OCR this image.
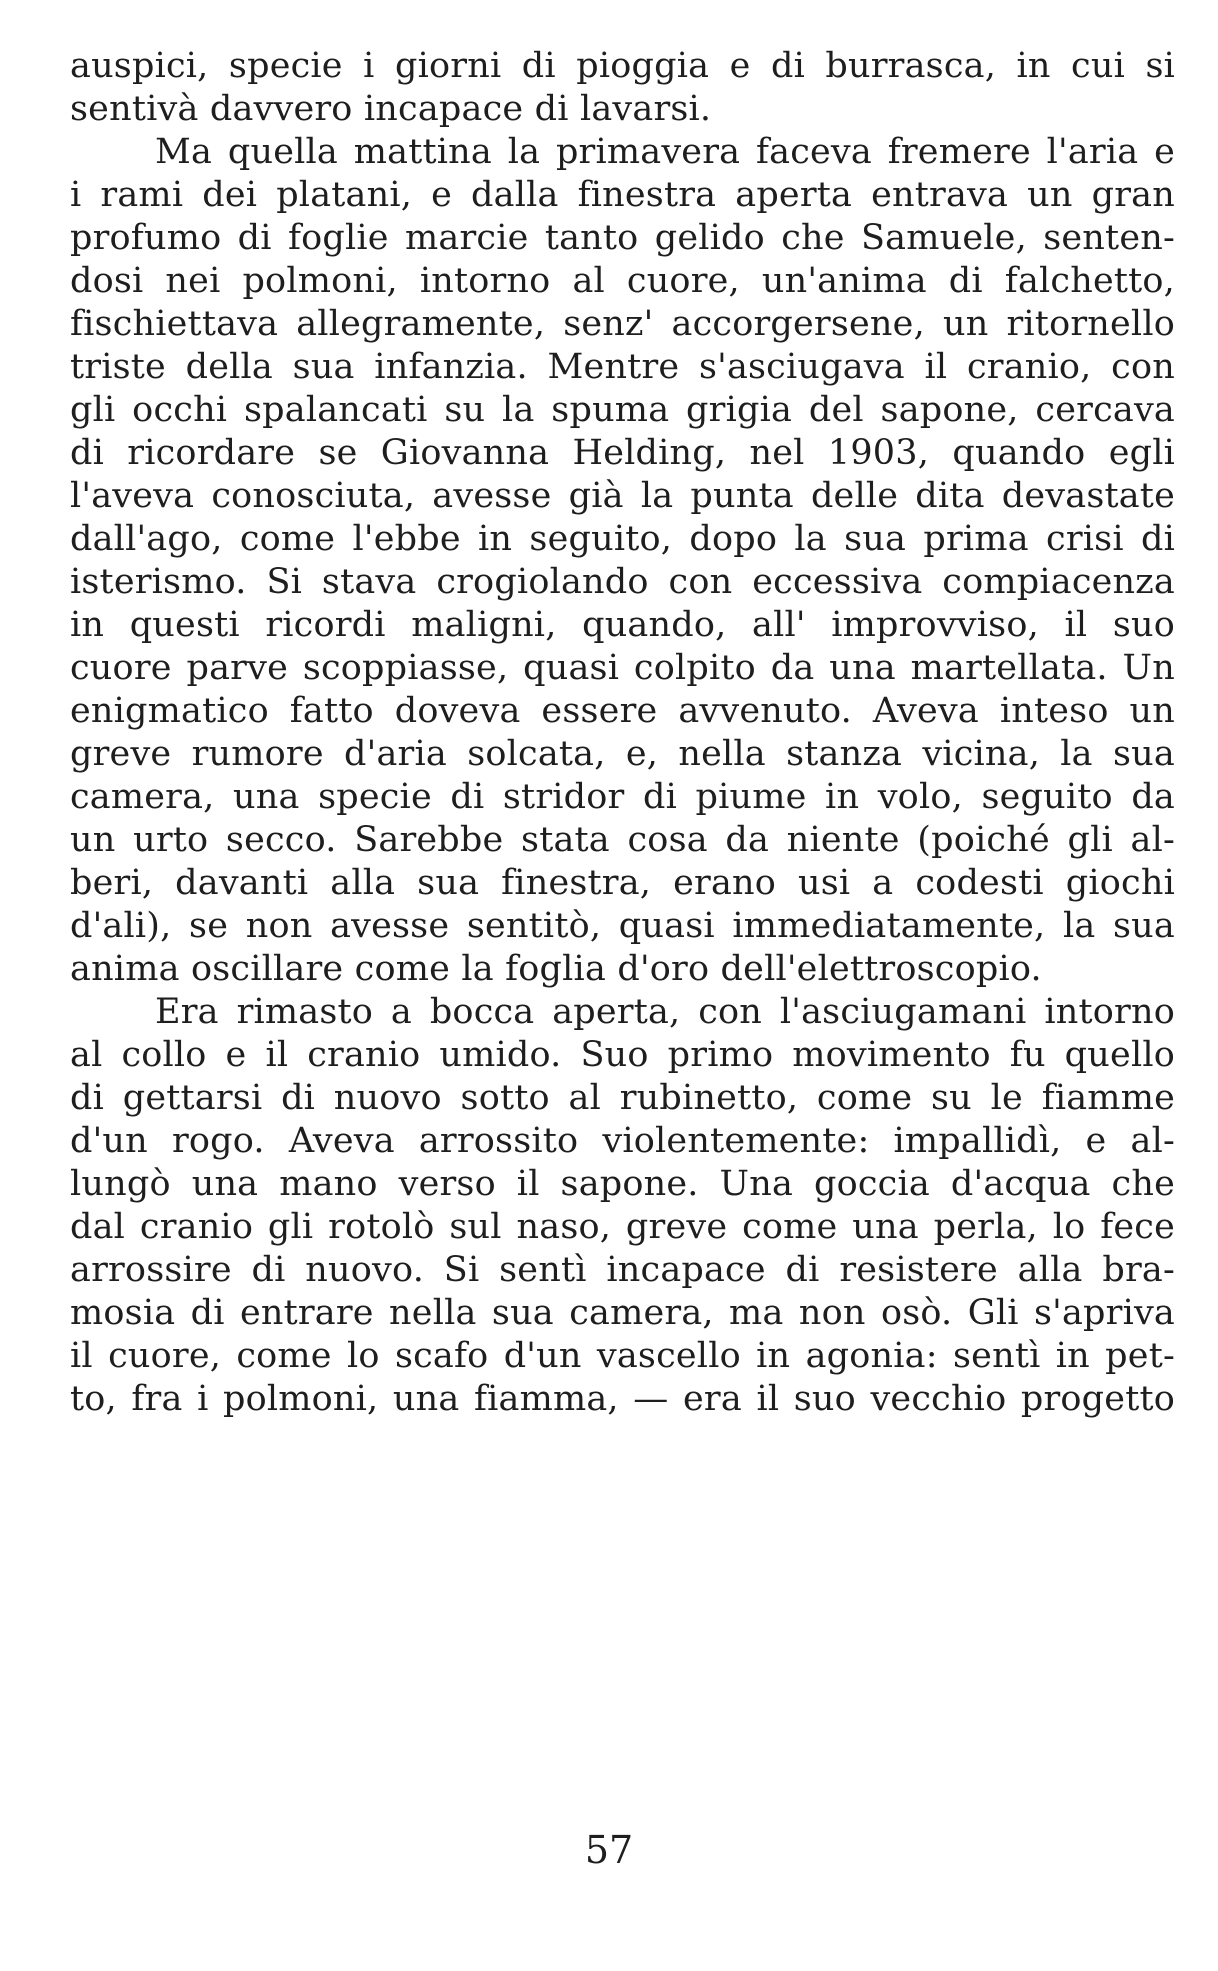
auspici, specie i giorni di pioggia e di burrasca, in cui si
sentivà davvero incapace di lavarsi.
Ma quella mattina la primavera faceva fremere l'aria e
i rami dei platani, e dalla finestra aperta entrava un gran
profumo di foglie marcie tanto gelido che Samuele, senten-
dosi nei polmoni, intorno al cuore, un'anima di falchetto,
fischiettava allegramente, senz' accorgersene, un ritornello
triste della sua infanzia. Mentre s'asciugava il cranio, con
gli occhi spalancati su la spuma grigia del sapone, cercava
di ricordare se Giovanna Helding, nel 1903, quando egli
l'aveva conosciuta, avesse già la punta delle dita devastate
dall'ago, come l'ebbe in seguito, dopo la sua prima crisi di
isterismo. Si stava crogiolando con eccessiva compiacenza
in questi ricordi maligni, quando, all' improvviso, il suo
cuore parve scoppiasse, quasi colpito da una martellata. Un
enigmatico fatto doveva essere avvenuto. Aveva inteso un
greve rumore d'aria solcata, e, nella stanza vicina, la sua
camera, una specie di stridor di piume in volo, seguito da
un urto secco. Sarebbe stata cosa da niente (poiché gli al-
beri, davanti alla sua finestra, erano usi a codesti giochi
d'ali), se non avesse sentitò, quasi immediatamente, la sua
anima oscillare come la foglia d'oro dell'elettroscopio.
Era rimasto a bocca aperta, con l'asciugamani intorno
al collo e il cranio umido. Suo primo movimento fu quello
di gettarsi di nuovo sotto al rubinetto, come su le fiamme
d'un rogo. Aveva arrossito violentemente: impallidì, e al-
lungò una mano verso il sapone. Una goccia d'acqua che
dal cranio gli rotolò sul naso, greve come una perla, lo fece
arrossire di nuovo. Si sentì incapace di resistere alla bra-
mosia di entrare nella sua camera, ma non osò. Gli s'apriva
il cuore, come lo scafo d'un vascello in agonia: sentì in pet-
to, fra i polmoni, una fiamma, — era il suo vecchio progetto
57
